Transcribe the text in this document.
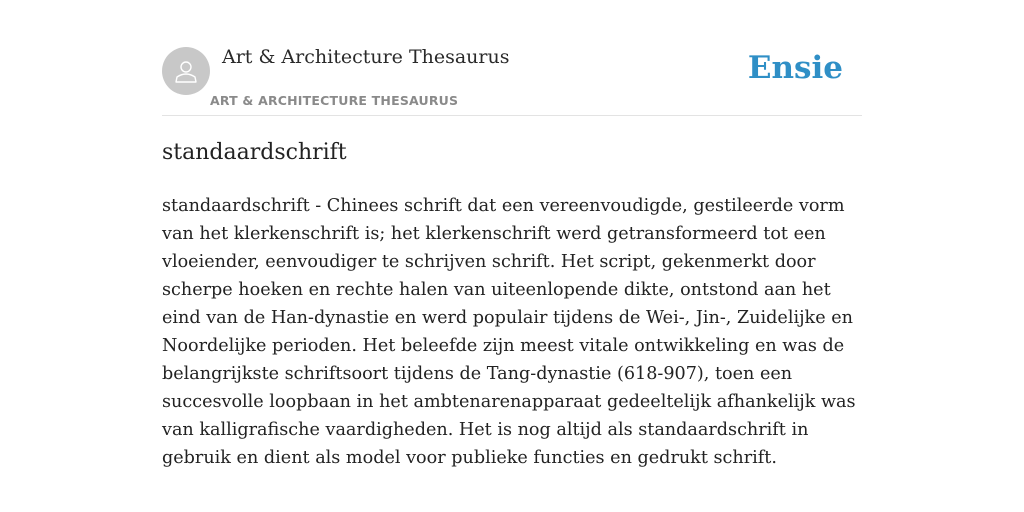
Art & Architecture Thesaurus
ART & ARCHITECTURE THESAURUS
Ensie
standaardschrift

standaardschrift - Chinees schrift dat een vereenvoudigde, gestileerde vorm van het klerkenschrift is; het klerkenschrift werd getransformeerd tot een vloeiender, eenvoudiger te schrijven schrift. Het script, gekenmerkt door scherpe hoeken en rechte halen van uiteenlopende dikte, ontstond aan het eind van de Han-dynastie en werd populair tijdens de Wei-, Jin-, Zuidelijke en Noordelijke perioden. Het beleefde zijn meest vitale ontwikkeling en was de belangrijkste schriftsoort tijdens de Tang-dynastie (618-907), toen een succesvolle loopbaan in het ambtenarenapparaat gedeeltelijk afhankelijk was van kalligrafische vaardigheden. Het is nog altijd als standaardschrift in gebruik en dient als model voor publieke functies en gedrukt schrift.
